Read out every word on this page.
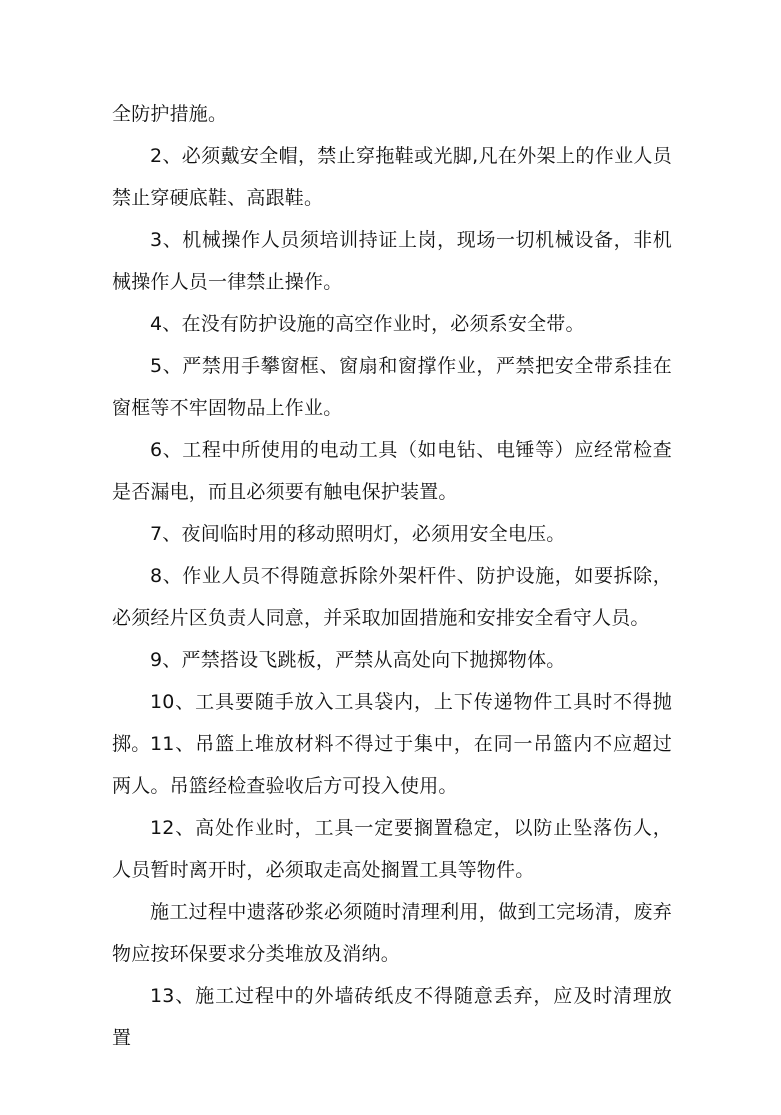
全防护措施。

2、必须戴安全帽，禁止穿拖鞋或光脚,凡在外架上的作业人员禁止穿硬底鞋、高跟鞋。

3、机械操作人员须培训持证上岗，现场一切机械设备，非机械操作人员一律禁止操作。

4、在没有防护设施的高空作业时，必须系安全带。

5、严禁用手攀窗框、窗扇和窗撑作业，严禁把安全带系挂在窗框等不牢固物品上作业。

6、工程中所使用的电动工具（如电钻、电锤等）应经常检查是否漏电，而且必须要有触电保护装置。

7、夜间临时用的移动照明灯，必须用安全电压。

8、作业人员不得随意拆除外架杆件、防护设施，如要拆除，必须经片区负责人同意，并采取加固措施和安排安全看守人员。

9、严禁搭设飞跳板，严禁从高处向下抛掷物体。

10、工具要随手放入工具袋内，上下传递物件工具时不得抛掷。 11、吊篮上堆放材料不得过于集中，在同一吊篮内不应超过两人。吊篮经检查验收后方可投入使用。

12、高处作业时，工具一定要搁置稳定，以防止坠落伤人，人员暂时离开时，必须取走高处搁置工具等物件。

施工过程中遗落砂浆必须随时清理利用，做到工完场清，废弃物应按环保要求分类堆放及消纳。

13、施工过程中的外墙砖纸皮不得随意丢弃，应及时清理放置
